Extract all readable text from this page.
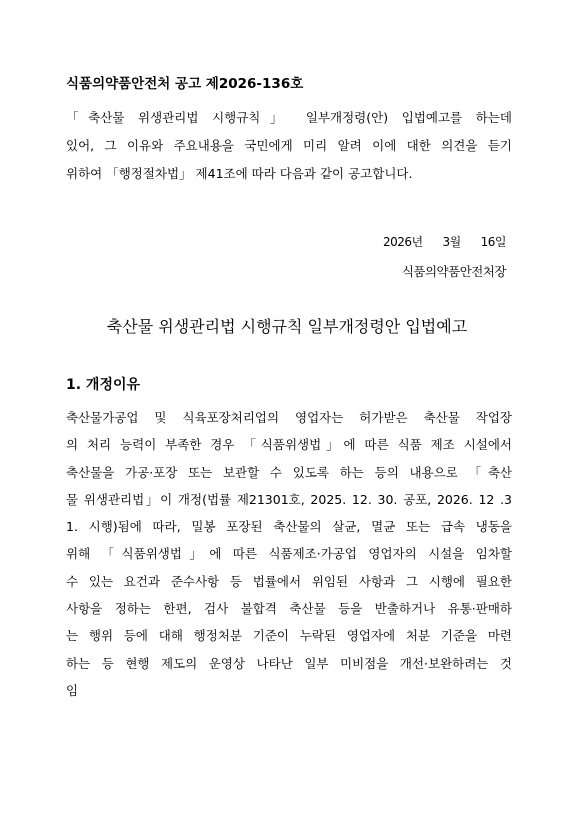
식품의약품안전처 공고 제2026-136호

「축산물 위생관리법 시행규칙」 일부개정령(안) 입법예고를 하는데

있어, 그 이유와 주요내용을 국민에게 미리 알려 이에 대한 의견을 듣기

위하여 「행정절차법」 제41조에 따라 다음과 같이 공고합니다.

2026년 3월 16일
식품의약품안전처장
축산물 위생관리법 시행규칙 일부개정령안 입법예고
1. 개정이유

축산물가공업 및 식육포장처리업의 영업자는 허가받은 축산물 작업장

의 처리 능력이 부족한 경우 「식품위생법」에 따른 식품 제조 시설에서

축산물을 가공·포장 또는 보관할 수 있도록 하는 등의 내용으로 「축산

물 위생관리법」이 개정(법률 제21301호, 2025. 12. 30. 공포, 2026. 12 .3

1. 시행)됨에 따라, 밀봉 포장된 축산물의 살균, 멸균 또는 급속 냉동을

위해 「식품위생법」에 따른 식품제조·가공업 영업자의 시설을 임차할

수 있는 요건과 준수사항 등 법률에서 위임된 사항과 그 시행에 필요한

사항을 정하는 한편, 검사 불합격 축산물 등을 반출하거나 유통·판매하

는 행위 등에 대해 행정처분 기준이 누락된 영업자에 처분 기준을 마련

하는 등 현행 제도의 운영상 나타난 일부 미비점을 개선·보완하려는 것

임
